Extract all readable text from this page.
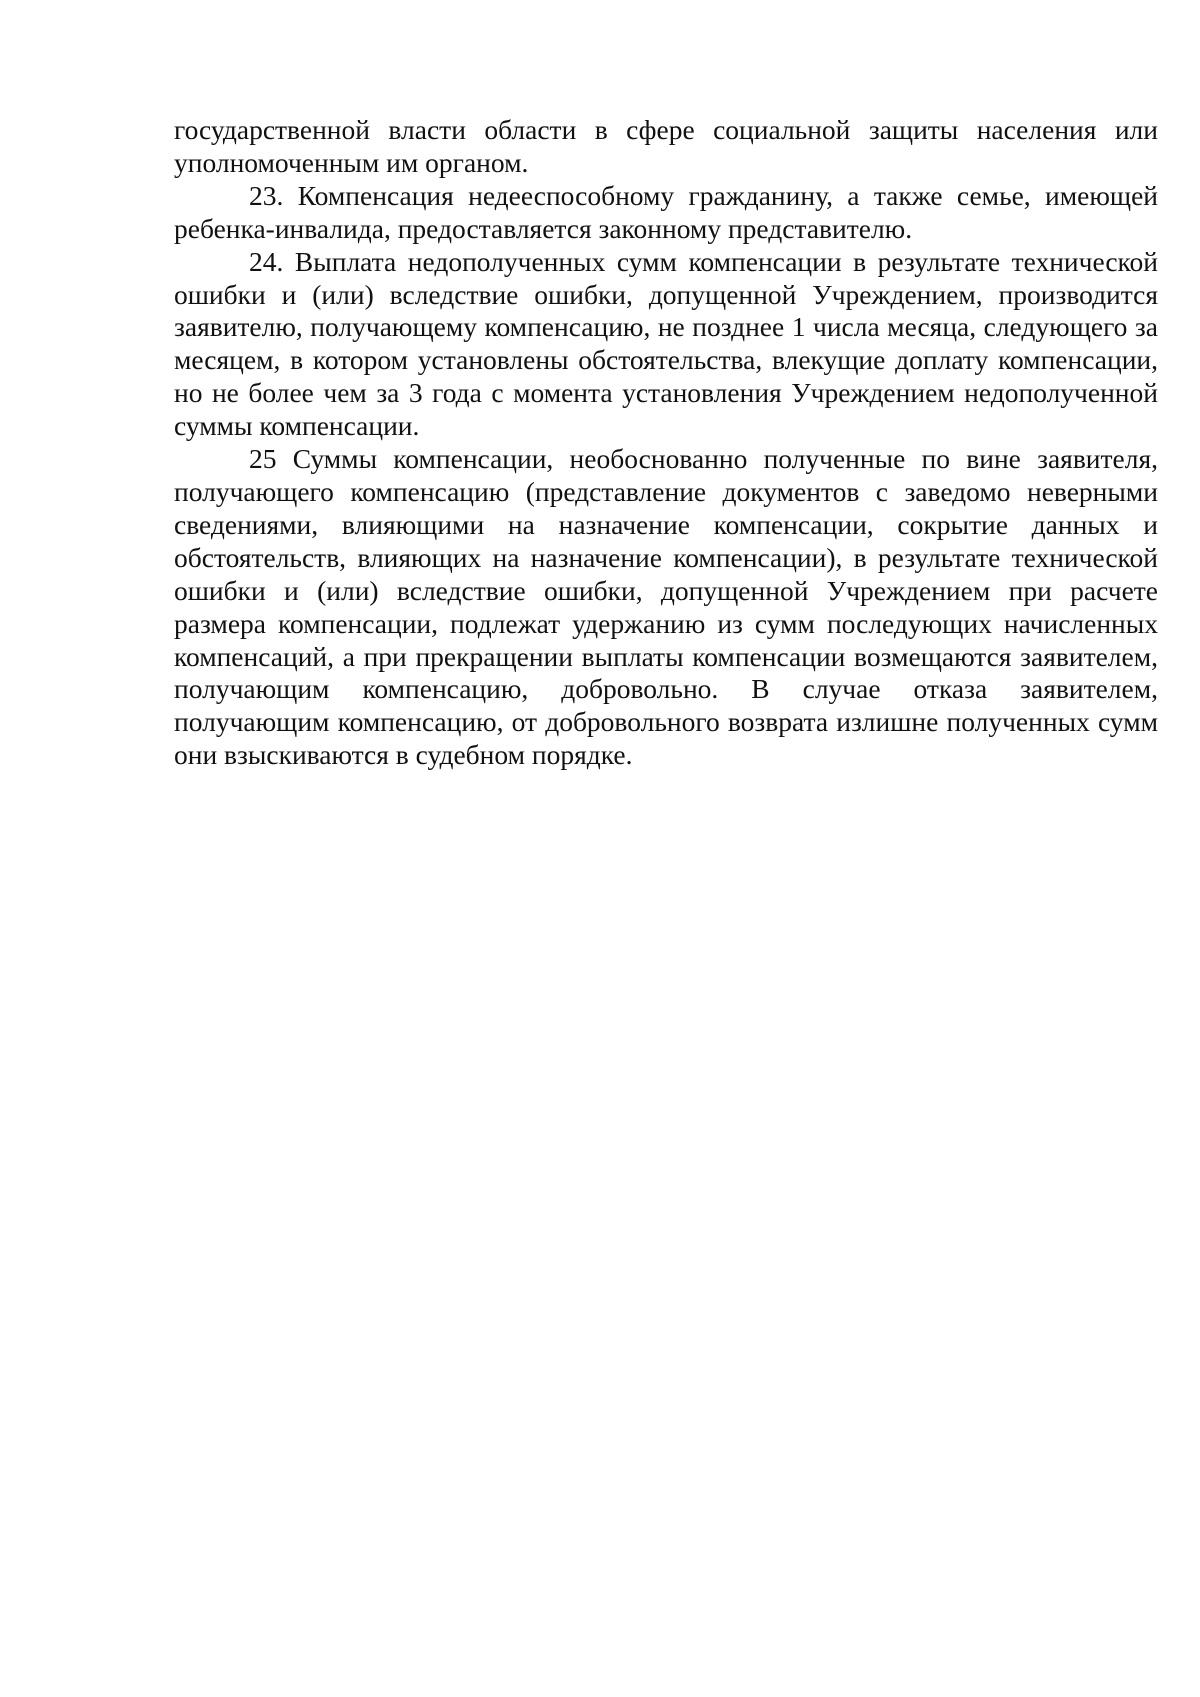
государственной власти области в сфере социальной защиты населения или уполномоченным им органом.

23. Компенсация недееспособному гражданину, а также семье, имеющей ребенка-инвалида, предоставляется законному представителю.

24. Выплата недополученных сумм компенсации в результате технической ошибки и (или) вследствие ошибки, допущенной Учреждением, производится заявителю, получающему компенсацию, не позднее 1 числа месяца, следующего за месяцем, в котором установлены обстоятельства, влекущие доплату компенсации, но не более чем за 3 года с момента установления Учреждением недополученной суммы компенсации.

25 Суммы компенсации, необоснованно полученные по вине заявителя, получающего компенсацию (представление документов с заведомо неверными сведениями, влияющими на назначение компенсации, сокрытие данных и обстоятельств, влияющих на назначение компенсации), в результате технической ошибки и (или) вследствие ошибки, допущенной Учреждением при расчете размера компенсации, подлежат удержанию из сумм последующих начисленных компенсаций, а при прекращении выплаты компенсации возмещаются заявителем, получающим компенсацию, добровольно. В случае отказа заявителем, получающим компенсацию, от добровольного возврата излишне полученных сумм они взыскиваются в судебном порядке.
